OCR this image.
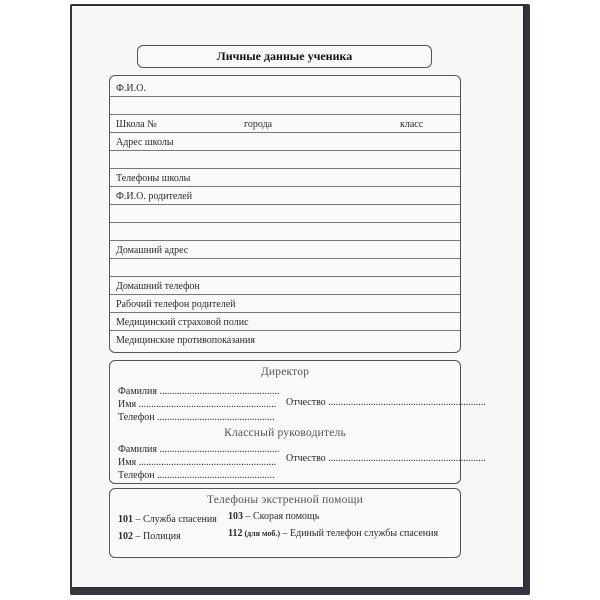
Личные данные ученика
Ф.И.О.
Школа №	города	класс
Адрес школы
Телефоны школы
Ф.И.О. родителей
Домашний адрес
Домашний телефон
Рабочий телефон родителей
Медицинский страховой полис
Медицинские противопоказания
Директор
Фамилия ................................................
Имя ....................................................... Отчество ...............................................................
Телефон ...............................................
Классный руководитель
Фамилия ................................................
Имя ....................................................... Отчество ...............................................................
Телефон ...............................................
Телефоны экстренной помощи
101 – Служба спасения 103 – Скорая помощь
102 – Полиция	112 (для моб.) – Единый телефон службы спасения
